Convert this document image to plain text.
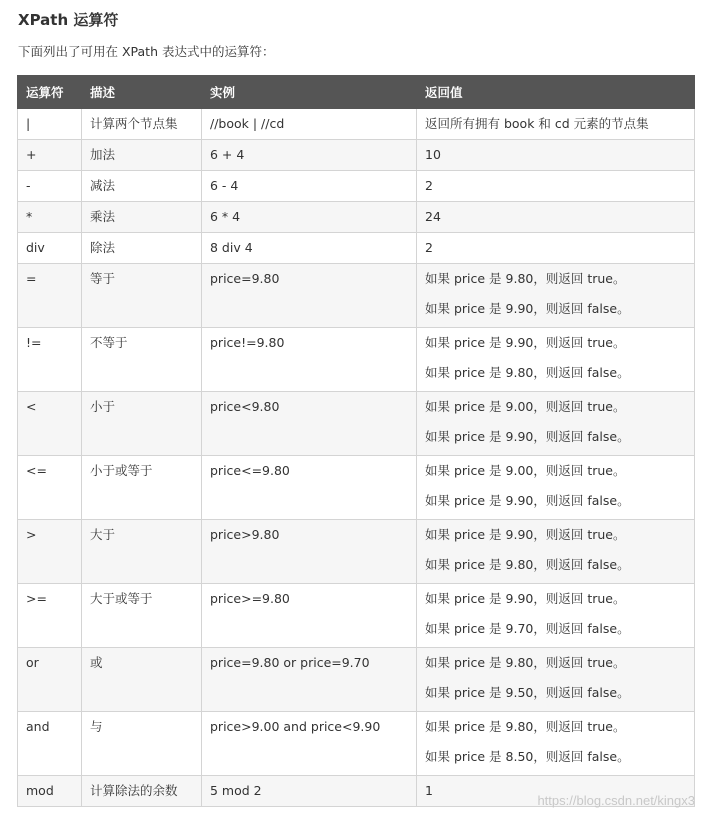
XPath 运算符

下面列出了可用在 XPath 表达式中的运算符：

运算符	描述	实例	返回值
|	计算两个节点集	//book | //cd	返回所有拥有 book 和 cd 元素的节点集

+	加法	6 + 4	10

-	减法	6 - 4	2

*	乘法	6 * 4	24

div	除法	8 div 4	2

=	等于	price=9.80	如果 price 是 9.80，则返回 true。
如果 price 是 9.90，则返回 false。

!=	不等于	price!=9.80	如果 price 是 9.90，则返回 true。
如果 price 是 9.80，则返回 false。

<	小于	price<9.80	如果 price 是 9.00，则返回 true。
如果 price 是 9.90，则返回 false。

<=	小于或等于	price<=9.80	如果 price 是 9.00，则返回 true。
如果 price 是 9.90，则返回 false。

>	大于	price>9.80	如果 price 是 9.90，则返回 true。
如果 price 是 9.80，则返回 false。

>=	大于或等于	price>=9.80	如果 price 是 9.90，则返回 true。
如果 price 是 9.70，则返回 false。

or	或	price=9.80 or price=9.70	如果 price 是 9.80，则返回 true。
如果 price 是 9.50，则返回 false。

and	与	price>9.00 and price<9.90	如果 price 是 9.80，则返回 true。
如果 price 是 8.50，则返回 false。

mod	计算除法的余数	5 mod 2	1
https://blog.csdn.net/kingx3
